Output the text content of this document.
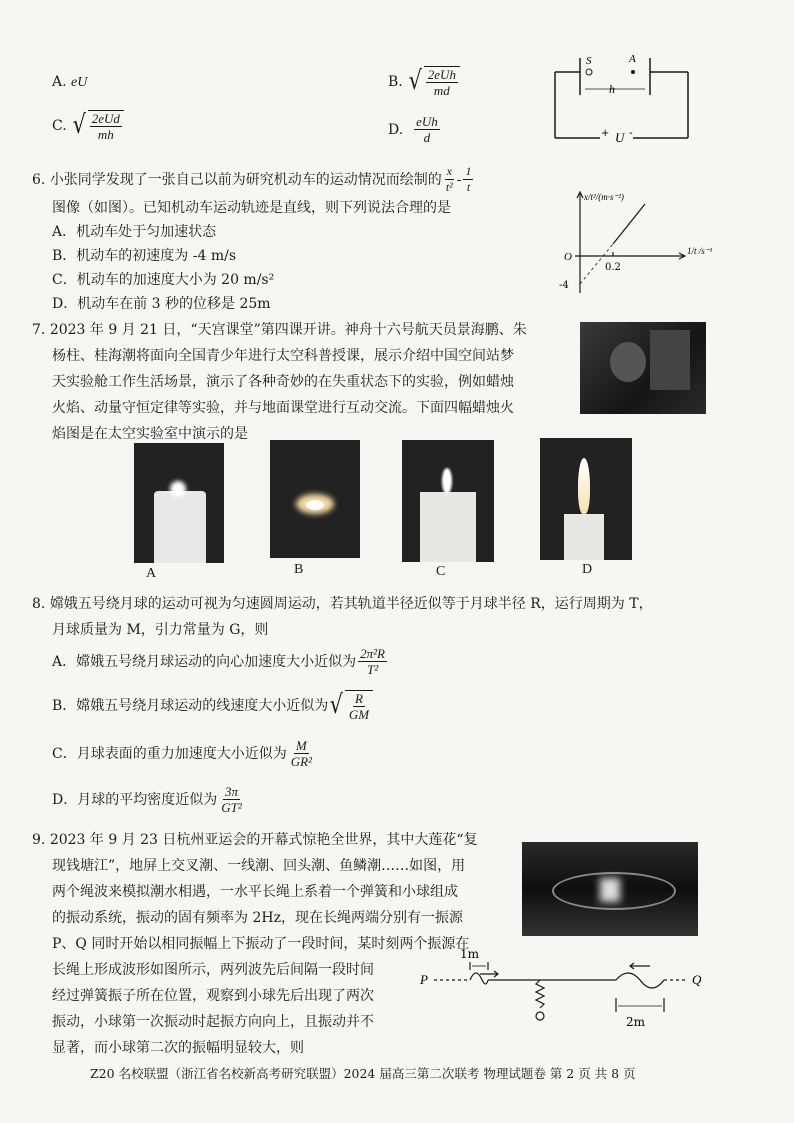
A. eU	B.
√ $\frac{\text{2eUh}}{md}$
C.
√ $\frac{\text{2eUd}}{mh}$	D.
$\frac{\text{eUh}}{d}$
S	A
h
+ U -
6.
小张同学发现了一张自己以前为研究机动车的运动情况而绘制的 $\frac{x}{\text{t²}} - \frac{1}{t}$
图像（如图）。已知机动车运动轨迹是直线，则下列说法合理的是
A．机动车处于匀加速状态
B．机动车的初速度为 -4 m/s
C．机动车的加速度大小为 20 m/s²
D．机动车在前 3 秒的位移是 25m
x/t²/(m·s⁻²)
1/t /s⁻¹
O
0.2
-4
7. 2023 年 9 月 21 日，“天宫课堂”第四课开讲。神舟十六号航天员景海鹏、朱
杨柱、桂海潮将面向全国青少年进行太空科普授课，展示介绍中国空间站梦
天实验舱工作生活场景，演示了各种奇妙的在失重状态下的实验，例如蜡烛
火焰、动量守恒定律等实验，并与地面课堂进行互动交流。下面四幅蜡烛火
焰图是在太空实验室中演示的是
A	B	C	D
8. 嫦娥五号绕月球的运动可视为匀速圆周运动，若其轨道半径近似等于月球半径 R，运行周期为 T，
月球质量为 M，引力常量为 G，则
A．嫦娥五号绕月球运动的向心加速度大小近似为 $\frac{\text{2π²R}}{\text{T²}}$
B．嫦娥五号绕月球运动的线速度大小近似为 √ $\frac{R}{GM}$
C．月球表面的重力加速度大小近似为 $\frac{M}{\text{GR²}}$
D．月球的平均密度近似为 $\frac{3\pi}{\text{GT²}}$
9. 2023 年 9 月 23 日杭州亚运会的开幕式惊艳全世界，其中大莲花“复
现钱塘江”，地屏上交叉潮、一线潮、回头潮、鱼鳞潮……如图，用
两个绳波来模拟潮水相遇，一水平长绳上系着一个弹簧和小球组成
的振动系统，振动的固有频率为 2Hz，现在长绳两端分别有一振源
P、Q 同时开始以相同振幅上下振动了一段时间，某时刻两个振源在
长绳上形成波形如图所示，两列波先后间隔一段时间
经过弹簧振子所在位置，观察到小球先后出现了两次
振动，小球第一次振动时起振方向向上，且振动并不
显著，而小球第二次的振幅明显较大，则
1m
P	Q
2m
Z20 名校联盟（浙江省名校新高考研究联盟）2024 届高三第二次联考 物理试题卷 第 2 页 共 8 页
